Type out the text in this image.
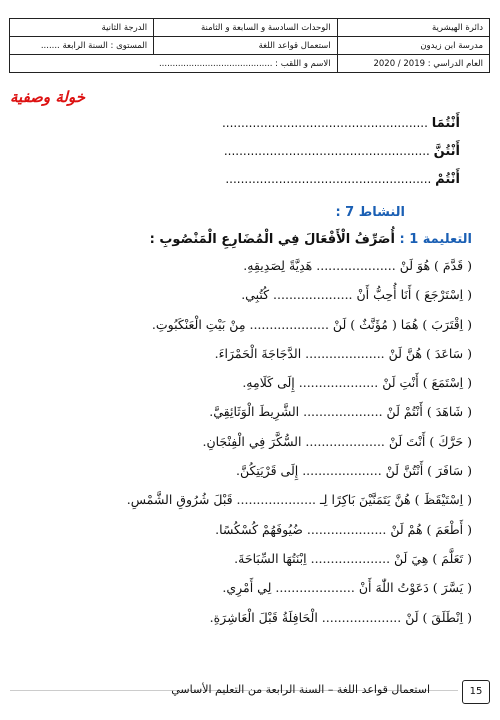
دائرة الهيشرية	الوحدات السادسة و السابعة و الثامنة	الدرجة الثانية
مدرسة ابن زيدون	استعمال قواعد اللغة	المستوى : السنة الرابعة .......
العام الدراسي : 2019 / 2020	الاسم و اللقب : ..........................................	
خولة وصفية
أَنْتُمَا ......................................................
أَنْتُنَّ ......................................................
أَنْتُمْ ......................................................
النشاط 7 :
التعليمة 1 : أُصَرِّفُ الْأَفْعَالَ فِي الْمُضَارِعِ الْمَنْصُوبِ :
( قَدَّمَ ) هُوَ لَنْ .................... هَدِيَّةً لِصَدِيقِهِ.
( اِسْتَرْجَعَ ) أَنَا أُحِبُّ أَنْ .................... كُتُبِي.
( اِقْتَرَبَ ) هُمَا ( مُؤَنَّثٌ ) لَنْ .................... مِنْ بَيْتِ الْعَنْكَبُوتِ.
( سَاعَدَ ) هُنَّ لَنْ .................... الدَّجَاجَةَ الْحَمْرَاءَ.
( اِسْتَمَعَ ) أَنْتِ لَنْ .................... إِلَى كَلَامِهِ.
( شَاهَدَ ) أَنْتُمْ لَنْ .................... الشَّرِيطَ الْوَثَائِقِيَّ.
( حَرَّكَ ) أَنْتَ لَنْ .................... السُّكَّرَ فِي الْفِنْجَانِ.
( سَافَرَ ) أَنْتُنَّ لَنْ .................... إِلَى قَرْيَتِكُنَّ.
( اِسْتَيْقَظَ ) هُنَّ يَتَمَنَّيْنَ بَاكِرًا لِـ .................... قَبْلَ شُرُوقِ الشَّمْسِ.
( أَطْعَمَ ) هُمْ لَنْ .................... ضُيُوفَهُمْ كُسْكُسًا.
( تَعَلَّمَ ) هِيَ لَنْ .................... اِبْنَتُهَا السِّبَاحَةَ.
( يَسَّرَ ) دَعَوْتُ اللّٰهَ أَنْ .................... لِي أَمْرِي.
( اِنْطَلَقَ ) لَنْ .................... الْحَافِلَةُ قَبْلَ الْعَاشِرَةِ.
استعمال قواعد اللغة – السنة الرابعة من التعليم الأساسي	15
